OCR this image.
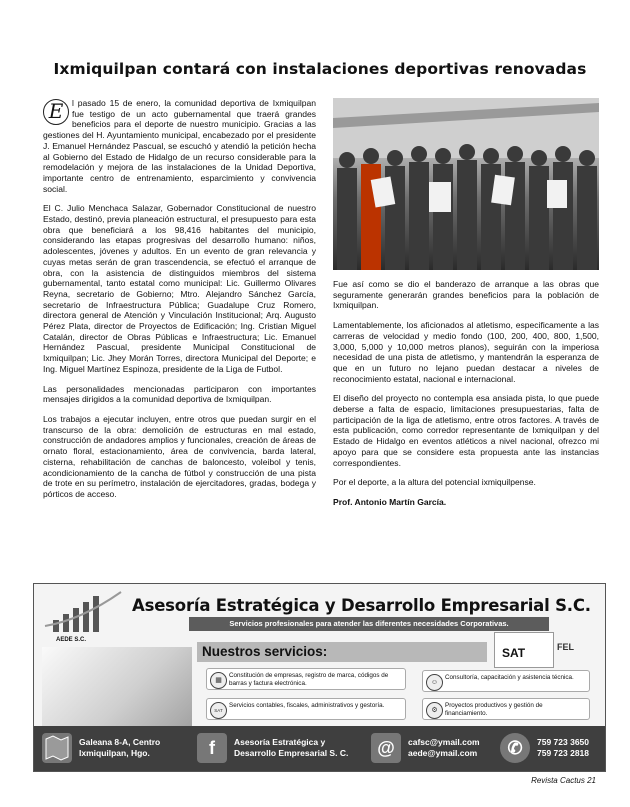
Ixmiquilpan contará con instalaciones deportivas renovadas

E	l pasado 15 de enero, la comunidad deportiva de Ixmiquilpan fue testigo de un acto gubernamental que traerá grandes beneficios para el deporte de nuestro municipio. Gracias a las gestiones del H. Ayuntamiento municipal, encabezado por el presidente J. Emanuel Hernández Pascual, se escuchó y atendió la petición hecha al Gobierno del Estado de Hidalgo de un recurso considerable para la remodelación y mejora de las instalaciones de la Unidad Deportiva, importante centro de entrenamiento, esparcimiento y convivencia social.

El C. Julio Menchaca Salazar, Gobernador Constitucional de nuestro Estado, destinó, previa planeación estructural, el presupuesto para esta obra que beneficiará a los 98,416 habitantes del municipio, considerando las etapas progresivas del desarrollo humano: niños, adolescentes, jóvenes y adultos. En un evento de gran relevancia y cuyas metas serán de gran trascendencia, se efectuó el arranque de obra, con la asistencia de distinguidos miembros del sistema gubernamental, tanto estatal como municipal: Lic. Guillermo Olivares Reyna, secretario de Gobierno; Mtro. Alejandro Sánchez García, secretario de Infraestructura Pública; Guadalupe Cruz Romero, directora general de Atención y Vinculación Institucional; Arq. Augusto Pérez Plata, director de Proyectos de Edificación; Ing. Cristian Miguel Catalán, director de Obras Públicas e Infraestructura; Lic. Emanuel Hernández Pascual, presidente Municipal Constitucional de Ixmiquilpan; Lic. Jhey Morán Torres, directora Municipal del Deporte; e Ing. Miguel Martínez Espinoza, presidente de la Liga de Futbol.

Las personalidades mencionadas participaron con importantes mensajes dirigidos a la comunidad deportiva de Ixmiquilpan.

Los trabajos a ejecutar incluyen, entre otros que puedan surgir en el transcurso de la obra: demolición de estructuras en mal estado, construcción de andadores amplios y funcionales, creación de áreas de ornato floral, estacionamiento, área de convivencia, barda lateral, cisterna, rehabilitación de canchas de baloncesto, voleibol y tenis, acondicionamiento de la cancha de fútbol y construcción de una pista de trote en su perímetro, instalación de ejercitadores, gradas, bodega y pórticos de acceso.

Fue así como se dio el banderazo de arranque a las obras que seguramente generarán grandes beneficios para la población de Ixmiquilpan.

Lamentablemente, los aficionados al atletismo, especificamente a las carreras de velocidad y medio fondo (100, 200, 400, 800, 1,500, 3,000, 5,000 y 10,000 metros planos), seguirán con la imperiosa necesidad de una pista de atletismo, y mantendrán la esperanza de que en un futuro no lejano puedan destacar a niveles de reconocimiento estatal, nacional e internacional.

El diseño del proyecto no contempla esa ansiada pista, lo que puede deberse a falta de espacio, limitaciones presupuestarias, falta de participación de la liga de atletismo, entre otros factores. A través de esta publicación, como corredor representante de Ixmiquilpan y del Estado de Hidalgo en eventos atléticos a nivel nacional, ofrezco mi apoyo para que se considere esta propuesta ante las instancias correspondientes.

Por el deporte, a la altura del potencial ixmiquilpense.

Prof. Antonio Martín García.

AEDE S.C.
Asesoría Estratégica y Desarrollo Empresarial S.C.
Servicios profesionales para atender las diferentes necesidades Corporativas.
Nuestros servicios:	SAT	FEL
▦
Constitución de empresas, registro de marca, códigos de barras y factura electrónica.	☺
Consultoría, capacitación y asistencia técnica.
SAT
Servicios contables, fiscales, administrativos y gestoría.
⚙
Proyectos productivos y gestión de financiamiento.
Galeana 8-A, Centro
Ixmiquilpan, Hgo.	f	Asesoría Estratégica y
Desarrollo Empresarial S. C.	@	cafsc@ymail.com
aede@ymail.com	✆	759 723 3650
759 723 2818
Revista Cactus 21
